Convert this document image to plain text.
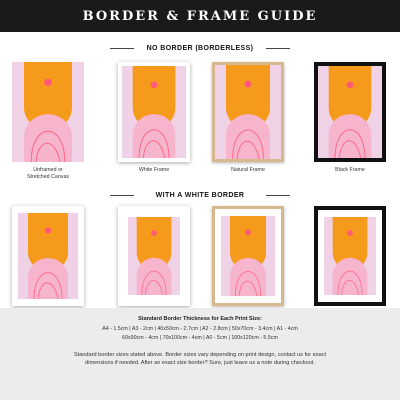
BORDER & FRAME GUIDE
NO BORDER (BORDERLESS)
Unframed or
Stretched Canvas
White Frame	Natural Frame	Black Frame
WITH A WHITE BORDER
Standard Border Thickness for Each Print Size:
A4 - 1.5cm | A3 - 2cm | 40x50cm - 2.7cm | A2 - 2.8cm | 50x70cm - 3.4cm | A1 - 4cm
60x90cm - 4cm | 70x100cm - 4cm | A0 - 5cm | 100x120cm - 5.5cm
Standard border sizes stated above. Border sizes vary depending on print design, contact us for exact
dimensions if needed. After an exact size border? Sure, just leave us a note during checkout.
